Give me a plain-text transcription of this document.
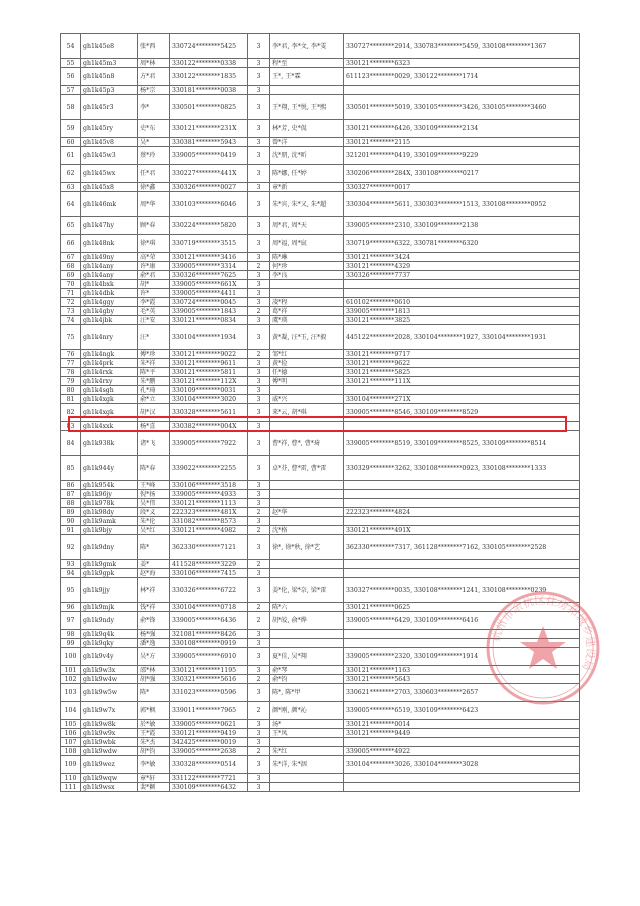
54	gh1k45e8	张*西	330724********5425	3	李*君, 李*文, 李*雯	330727********2914, 330783********5459, 330108********1367
55	gh1k45m3	周*林	330122********0338	3	程*至	330121********6323
56	gh1k45n8	方*君	330122********1835	3	王*, 王*霖	611123********0029, 330122********1714
57	gh1k45p3	杨*宗	330181********0038	3		
58	gh1k45r3	李*	330501********0825	3	王*翔, 王*悦, 王*熙	330501********5019, 330105********3426, 330105********3460
59	gh1k45ry	史*东	330121********231X	3	林*芳, 史*侃	330121********6426, 330109********2134
60	gh1k45v8	吴*	330381********5943	3	曾*洋	330121********2115
61	gh1k45w3	蔡*玲	339005********0419	3	沈*朋, 沈*昕	321201********0419, 330109********9229
62	gh1k45wx	任*君	330227********441X	3	陈*娜, 任*婷	330206********284X, 330108********0217
63	gh1k45x8	徐*鑫	330326********0027	3	章*新	330327********0017
64	gh1k46mk	周*华	330103********6046	3	朱*宾, 朱*又, 朱*超	330304********5611, 330303********1513, 330108********0952
65	gh1k47hy	顾*春	330224********5820	3	周*君, 周*天	339005********2310, 330109********2138
66	gh1k48nk	徐*琪	330719********3515	3	周*福, 周*宸	330719********6322, 330781********6320
67	gh1k49ny	高*荣	330121********3416	3	陈*琳	330121********3424
68	gh1k4any	许*康	339005********3314	2	何*珍	330121********4329
69	gh1k4any	俞*君	330326********7625	3	李*良	330326********7737
70	gh1k4bxk	胡*	339005********661X	3		
71	gh1k4dbk	许*	339005********4411	3		
72	gh1k4ggy	李*霞	330724********0045	3	凌*程	610102********0610
73	gh1k4gby	毛*英	339005********1843	2	葛*祥	339005********1813
74	gh1k4jbk	汪*安	330121********0834	3	虞*瑛	330121********3825
75	gh1k4nry	汪*	330104********1934	3	黄*凝, 汪*玉, 汪*毅	445122********2028, 330104********1927, 330104********1931
76	gh1k4ngk	傅*珍	330121********9022	2	邹*红	330121********9717
77	gh1k4prk	朱*祥	330121********9611	3	黄*俭	330121********9622
78	gh1k4rxk	陈*平	330121********5811	3	任*德	330121********5825
79	gh1k4rxy	朱*鹏	330121********112X	3	傅*明	330121********111X
80	gh1k4sgh	孔*琦	330109********0031	3		
81	gh1k4xgk	俞*立	330104********3020	3	戚*兴	330104********271X
82	gh1k4xgk	胡*汉	330328********5611	3	来*云, 胡*琪	330905********8546, 330109********8529
83	gh1k4xxk	杨*喜	330382********004X	3		
84	gh1k938k	诸*飞	339005********7922	3	曹*祥, 曹*, 曹*琦	339005********8519, 330109********8525, 330109********8514
85	gh1k944y	陈*春	339022********2255	3	卓*芬, 曹*雷, 曹*雷	330329********3262, 330108********0923, 330108********1333
86	gh1k954k	王*峰	330106********3518	3		
87	gh1k96jy	倪*扬	339005********4933	3		
88	gh1k978k	吴*伟	330121********1113	3		
89	gh1k98dy	段*义	222323********481X	2	赵*华	222323********4824
90	gh1k9amk	朱*伦	331082********8573	3		
91	gh1k9bjy	吴*红	330121********4982	2	沈*格	330121********491X
92	gh1k9dny	陈*	362330********7121	3	徐*, 徐*秋, 徐*艺	362330********7317, 361128********7162, 330105********2528
93	gh1k9gmk	姜*	411528********3229	2		
94	gh1k9gpk	赵*海	330106********7415	3		
95	gh1k9jjy	林*祥	330326********6722	3	姜*伦, 梁*奈, 梁*雷	330327********0035, 330108********1241, 330108********0239
96	gh1k9mjk	钱*祥	330104********0718	2	陈*六	330121********0625
97	gh1k9ndy	俞*锋	339005********6436	2	胡*皎, 俞*烨	339005********6429, 330109********6416
98	gh1k9q4k	杨*强	321081********8426	3		
99	gh1k9qky	潘*逸	330108********0919	3		
100	gh1k9v4y	吴*方	339005********6910	3	夏*佳, 吴*翔	339005********2320, 330109********1914
101	gh1k9w3x	邵*林	330121********1195	3	俞*琴	330121********1163
102	gh1k9w4w	胡*强	330321********5616	2	俞*钧	330121********5643
103	gh1k9w5w	陈*	331023********0596	3	陈*, 陈*甲	330621********2703, 330603********2657
104	gh1k9w7x	郭*枫	339011********7965	2	颜*刚, 颜*沁	339005********6519, 330109********6423
105	gh1k9w8k	於*敏	339005********0621	3	汤*	330121********0014
106	gh1k9w9x	王*霞	330121********9419	3	王*凤	330121********9449
107	gh1k9wbk	朱*杰	342425********0019	3		
108	gh1k9wdw	胡*钧	339005********2638	2	朱*红	339005********4922
109	gh1k9wez	李*敏	330328********0514	3	朱*洋, 朱*洇	330104********3026, 330104********3028
110	gh1k9wqw	章*轩	331122********7721	3		
111	gh1k9wsx	裴*颖	330109********6432	3		
杭州市余杭区住房和城乡建设局
